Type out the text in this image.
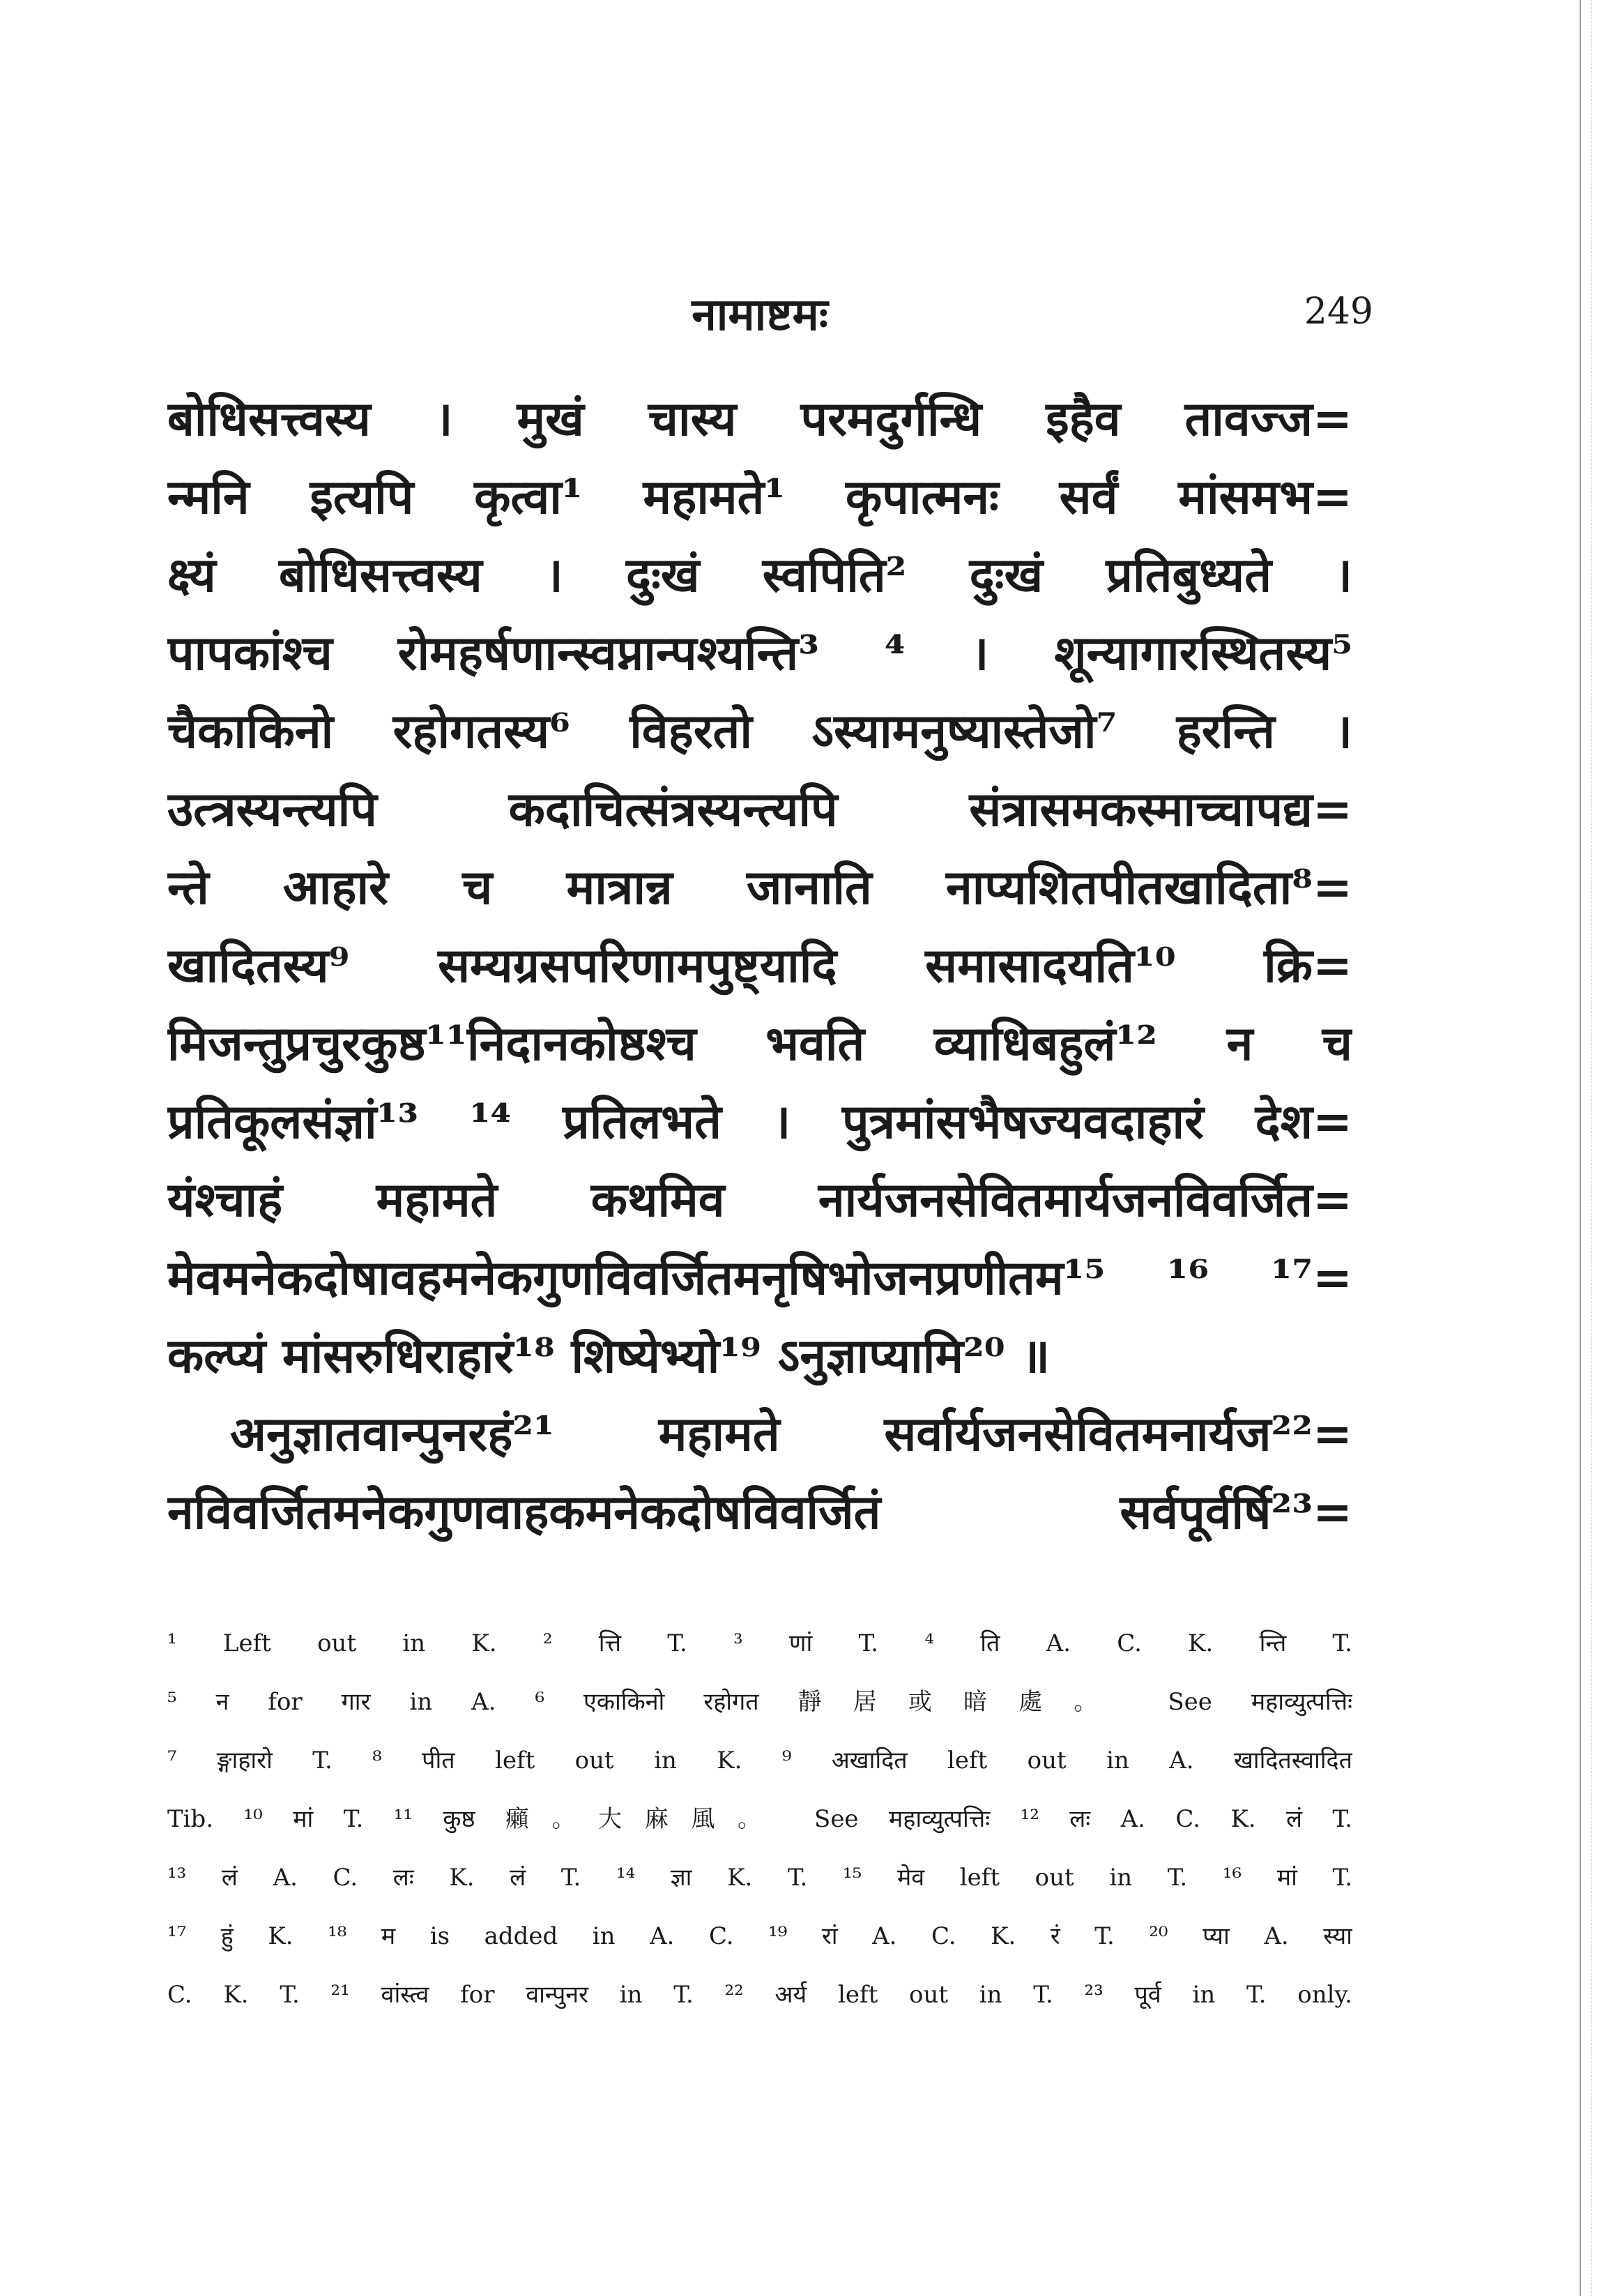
नामाष्टमः	249
बोधिसत्त्वस्य । मुखं चास्य परमदुर्गन्धि इहैव तावज्ज=
न्मनि इत्यपि कृत्वा¹ महामते¹ कृपात्मनः सर्वं मांसमभ=
क्ष्यं बोधिसत्त्वस्य । दुःखं स्वपिति² दुःखं प्रतिबुध्यते ।
पापकांश्च रोमहर्षणान्स्वप्नान्पश्यन्ति³ ⁴ । शून्यागारस्थितस्य⁵
चैकाकिनो रहोगतस्य⁶ विहरतो ऽस्यामनुष्यास्तेजो⁷ हरन्ति ।
उत्त्रस्यन्त्यपि कदाचित्संत्रस्यन्त्यपि संत्रासमकस्माच्चापद्य=
न्ते आहारे च मात्रान्न जानाति नाप्यशितपीतखादिता⁸=
खादितस्य⁹ सम्यग्रसपरिणामपुष्ट्यादि समासादयति¹⁰ क्रि=
मिजन्तुप्रचुरकुष्ठ¹¹निदानकोष्ठश्च भवति व्याधिबहुलं¹² न च
प्रतिकूलसंज्ञां¹³ ¹⁴ प्रतिलभते । पुत्रमांसभैषज्यवदाहारं देश=
यंश्चाहं महामते कथमिव नार्यजनसेवितमार्यजनविवर्जित=
मेवमनेकदोषावहमनेकगुणविवर्जितमनृषिभोजनप्रणीतम¹⁵ ¹⁶ ¹⁷=
कल्प्यं मांसरुधिराहारं¹⁸ शिष्येभ्यो¹⁹ ऽनुज्ञाप्यामि²⁰ ॥
अनुज्ञातवान्पुनरहं²¹ महामते सर्वार्यजनसेवितमनार्यज²²=
नविवर्जितमनेकगुणवाहकमनेकदोषविवर्जितं सर्वपूर्वर्षि²³=
¹ Left out in K. ² त्ति T. ³ णां T. ⁴ ति A. C. K. न्ति T.
⁵ न for गार in A. ⁶ एकाकिनो रहोगत 靜居或暗處。 See महाव्युत्पत्तिः
⁷ ङ्गाहारो T. ⁸ पीत left out in K. ⁹ अखादित left out in A. खादितस्वादित
Tib. ¹⁰ मां T. ¹¹ कुष्ठ 癩。大麻風。 See महाव्युत्पत्तिः ¹² लः A. C. K. लं T.
¹³ लं A. C. लः K. लं T. ¹⁴ ज्ञा K. T. ¹⁵ मेव left out in T. ¹⁶ मां T.
¹⁷ हुं K. ¹⁸ म is added in A. C. ¹⁹ रां A. C. K. रं T. ²⁰ प्या A. स्या
C. K. T. ²¹ वांस्त्व for वान्पुनर in T. ²² अर्य left out in T. ²³ पूर्व in T. only.
